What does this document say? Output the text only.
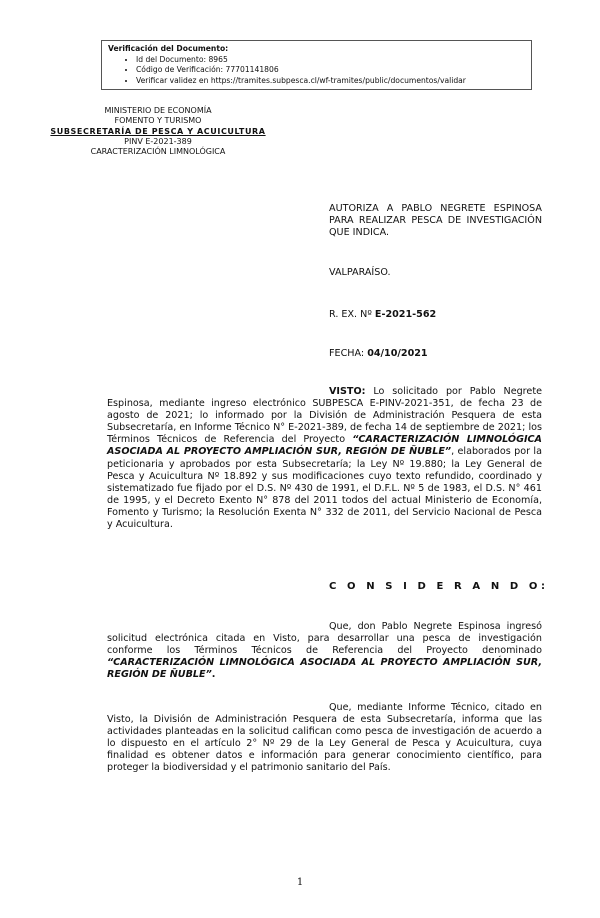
Verificación del Documento:
• Id del Documento: 8965
• Código de Verificación: 77701141806
• Verificar validez en https://tramites.subpesca.cl/wf-tramites/public/documentos/validar
MINISTERIO DE ECONOMÍA
FOMENTO Y TURISMO
SUBSECRETARÍA DE PESCA Y ACUICULTURA
PINV E-2021-389
CARACTERIZACIÓN LIMNOLÓGICA
AUTORIZA A PABLO NEGRETE ESPINOSA PARA REALIZAR PESCA DE INVESTIGACIÓN QUE INDICA.
VALPARAÍSO.
R. EX. Nº E-2021-562
FECHA: 04/10/2021
VISTO: Lo solicitado por Pablo Negrete Espinosa, mediante ingreso electrónico SUBPESCA E-PINV-2021-351, de fecha 23 de agosto de 2021; lo informado por la División de Administración Pesquera de esta Subsecretaría, en Informe Técnico N° E-2021-389, de fecha 14 de septiembre de 2021; los Términos Técnicos de Referencia del Proyecto “CARACTERIZACIÓN LIMNOLÓGICA ASOCIADA AL PROYECTO AMPLIACIÓN SUR, REGIÓN DE ÑUBLE”, elaborados por la peticionaria y aprobados por esta Subsecretaría; la Ley Nº 19.880; la Ley General de Pesca y Acuicultura Nº 18.892 y sus modificaciones cuyo texto refundido, coordinado y sistematizado fue fijado por el D.S. Nº 430 de 1991, el D.F.L. Nº 5 de 1983, el D.S. N° 461 de 1995, y el Decreto Exento N° 878 del 2011 todos del actual Ministerio de Economía, Fomento y Turismo; la Resolución Exenta N° 332 de 2011, del Servicio Nacional de Pesca y Acuicultura.
C O N S I D E R A N D O:
Que, don Pablo Negrete Espinosa ingresó solicitud electrónica citada en Visto, para desarrollar una pesca de investigación conforme los Términos Técnicos de Referencia del Proyecto denominado “CARACTERIZACIÓN LIMNOLÓGICA ASOCIADA AL PROYECTO AMPLIACIÓN SUR, REGIÓN DE ÑUBLE”.
Que, mediante Informe Técnico, citado en Visto, la División de Administración Pesquera de esta Subsecretaría, informa que las actividades planteadas en la solicitud califican como pesca de investigación de acuerdo a lo dispuesto en el artículo 2° Nº 29 de la Ley General de Pesca y Acuicultura, cuya finalidad es obtener datos e información para generar conocimiento científico, para proteger la biodiversidad y el patrimonio sanitario del País.
1
